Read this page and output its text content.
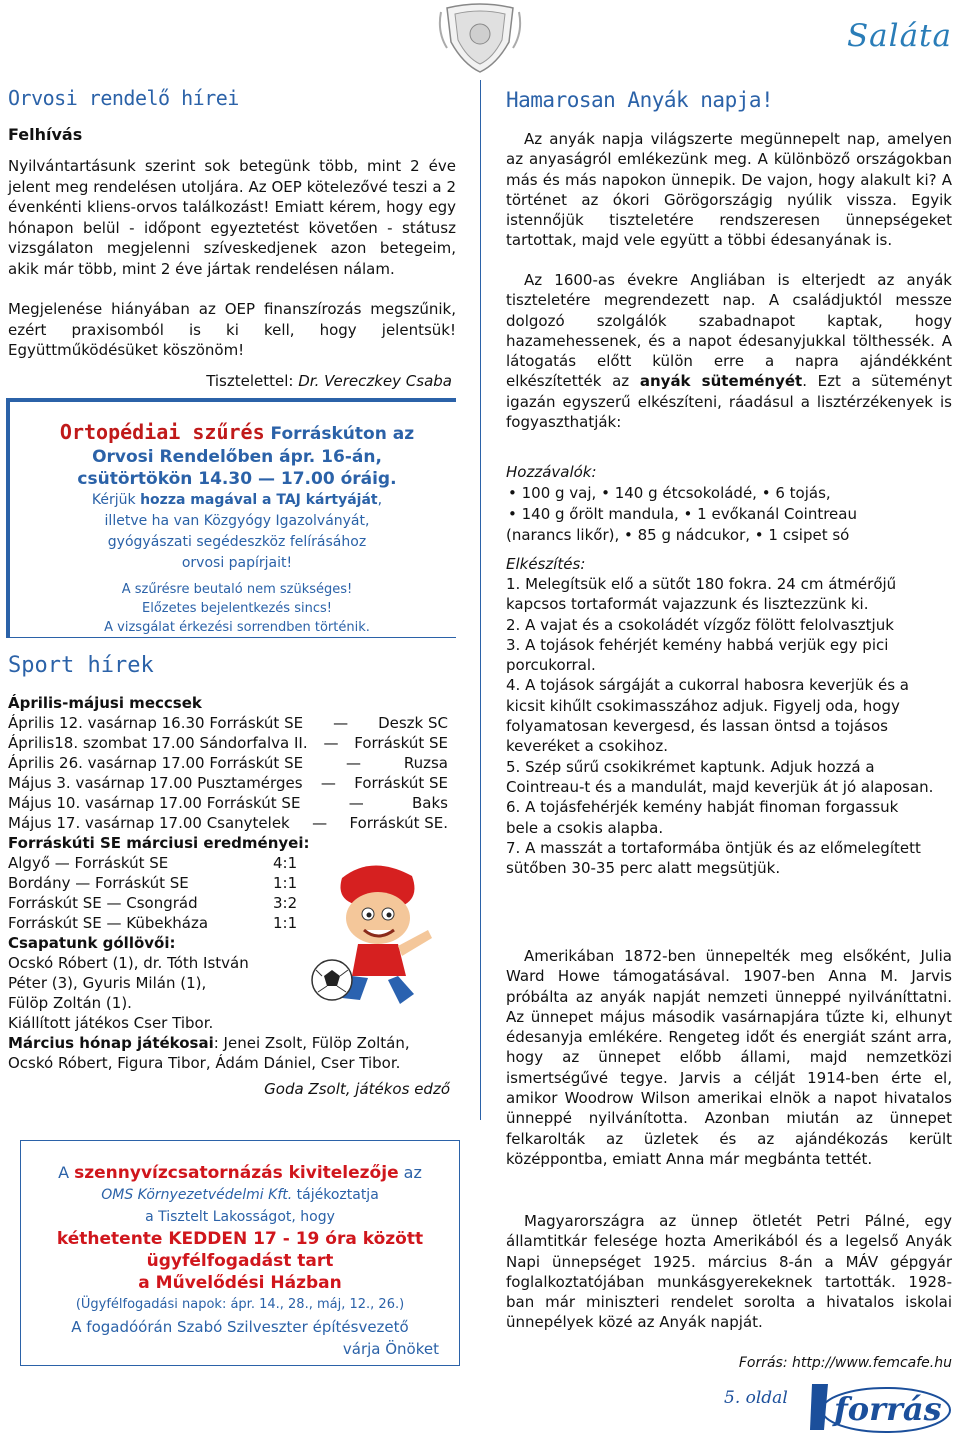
Saláta
Orvosi rendelő hírei
Felhívás
Nyilvántartásunk szerint sok betegünk több, mint 2 éve jelent meg rendelésen utoljára. Az OEP kötelezővé teszi a 2 évenkénti kliens-orvos találkozást! Emiatt kérem, hogy egy hónapon belül - időpont egyeztetést követően - státusz vizsgálaton megjelenni szíveskedjenek azon betegeim, akik már több, mint 2 éve jártak rendelésen nálam.
Megjelenése hiányában az OEP finanszírozás megszűnik, ezért praxisomból is ki kell, hogy jelentsük! Együttműködésüket köszönöm!
Tisztelettel: Dr. Vereczkey Csaba
Ortopédiai szűrés Forráskúton az
Orvosi Rendelőben ápr. 16-án,
csütörtökön 14.30 — 17.00 óráig.
Kérjük hozza magával a TAJ kártyáját,
illetve ha van Közgyógy Igazolványát,
gyógyászati segédeszköz felírásához
orvosi papírjait!
A szűrésre beutaló nem szükséges!
Előzetes bejelentkezés sincs!
A vizsgálat érkezési sorrendben történik.
Sport hírek
Április-májusi meccsek
Április 12. vasárnap 16.30 Forráskút SE — Deszk SC
Április18. szombat 17.00 Sándorfalva II. — Forráskút SE
Április 26. vasárnap 17.00 Forráskút SE	—	Ruzsa
Május 3. vasárnap 17.00 Pusztamérges — Forráskút SE
Május 10. vasárnap 17.00 Forráskút SE	—	Baks
Május 17. vasárnap 17.00 Csanytelek — Forráskút SE.
Forráskúti SE márciusi eredményei:
Algyő — Forráskút SE	4:1
Bordány — Forráskút SE	1:1
Forráskút SE — Csongrád	3:2
Forráskút SE — Kübekháza	1:1
Csapatunk góllövői:
Ocskó Róbert (1), dr. Tóth István
Péter (3), Gyuris Milán (1),
Fülöp Zoltán (1).
Kiállított játékos Cser Tibor.
Március hónap játékosai: Jenei Zsolt, Fülöp Zoltán, Ocskó Róbert, Figura Tibor, Ádám Dániel, Cser Tibor.
Goda Zsolt, játékos edző
A szennyvízcsatornázás kivitelezője az
OMS Környezetvédelmi Kft. tájékoztatja
a Tisztelt Lakosságot, hogy
kéthetente KEDDEN 17 - 19 óra között
ügyfélfogadást tart
a Művelődési Házban
(Ügyfélfogadási napok: ápr. 14., 28., máj, 12., 26.)
A fogadóórán Szabó Szilveszter építésvezető
várja Önöket
Hamarosan Anyák napja!
Az anyák napja világszerte megünnepelt nap, amelyen az anyaságról emlékezünk meg. A különböző országokban más és más napokon ünnepik. De vajon, hogy alakult ki? A történet az ókori Görögországig nyúlik vissza. Egyik istennőjük tiszteletére rendszeresen ünnepségeket tartottak, majd vele együtt a többi édesanyának is.
Az 1600-as évekre Angliában is elterjedt az anyák tiszteletére megrendezett nap. A családjuktól messze dolgozó szolgálók szabadnapot kaptak, hogy hazamehessenek, és a napot édesanyjukkal tölthessék. A látogatás előtt külön erre a napra ajándékként elkészítették az anyák süteményét. Ezt a süteményt igazán egyszerű elkészíteni, ráadásul a lisztérzékenyek is fogyaszthatják:
Hozzávalók:
• 100 g vaj, • 140 g étcsokoládé, • 6 tojás,
• 140 g őrölt mandula, • 1 evőkanál Cointreau
(narancs likőr), • 85 g nádcukor, • 1 csipet só
Elkészítés:
1. Melegítsük elő a sütőt 180 fokra. 24 cm átmérőjű kapcsos tortaformát vajazzunk és lisztezzünk ki.
2. A vajat és a csokoládét vízgőz fölött felolvasztjuk
3. A tojások fehérjét kemény habbá verjük egy pici porcukorral.
4. A tojások sárgáját a cukorral habosra keverjük és a kicsit kihűlt csokimasszához adjuk. Figyelj oda, hogy folyamatosan kevergesd, és lassan öntsd a tojásos keveréket a csokihoz.
5. Szép sűrű csokikrémet kaptunk. Adjuk hozzá a Cointreau-t és a mandulát, majd keverjük át jó alaposan.
6. A tojásfehérjék kemény habját finoman forgassuk bele a csokis alapba.
7. A masszát a tortaformába öntjük és az előmelegített sütőben 30-35 perc alatt megsütjük.
Amerikában 1872-ben ünnepelték meg elsőként, Julia Ward Howe támogatásával. 1907-ben Anna M. Jarvis próbálta az anyák napját nemzeti ünneppé nyilváníttatni. Az ünnepet május második vasárnapjára tűzte ki, elhunyt édesanyja emlékére. Rengeteg időt és energiát szánt arra, hogy az ünnepet előbb állami, majd nemzetközi ismertségűvé tegye. Jarvis a célját 1914-ben érte el, amikor Woodrow Wilson amerikai elnök a napot hivatalos ünneppé nyilvánította. Azonban miután az ünnepet felkarolták az üzletek és az ajándékozás került középpontba, emiatt Anna már megbánta tettét.
Magyarországra az ünnep ötletét Petri Pálné, egy államtitkár felesége hozta Amerikából és a legelső Anyák Napi ünnepséget 1925. március 8-án a MÁV gépgyár foglalkoztatójában munkásgyerekeknek tartották. 1928-ban már miniszteri rendelet sorolta a hivatalos iskolai ünnepélyek közé az Anyák napját.
Forrás: http://www.femcafe.hu
5. oldal forrás
